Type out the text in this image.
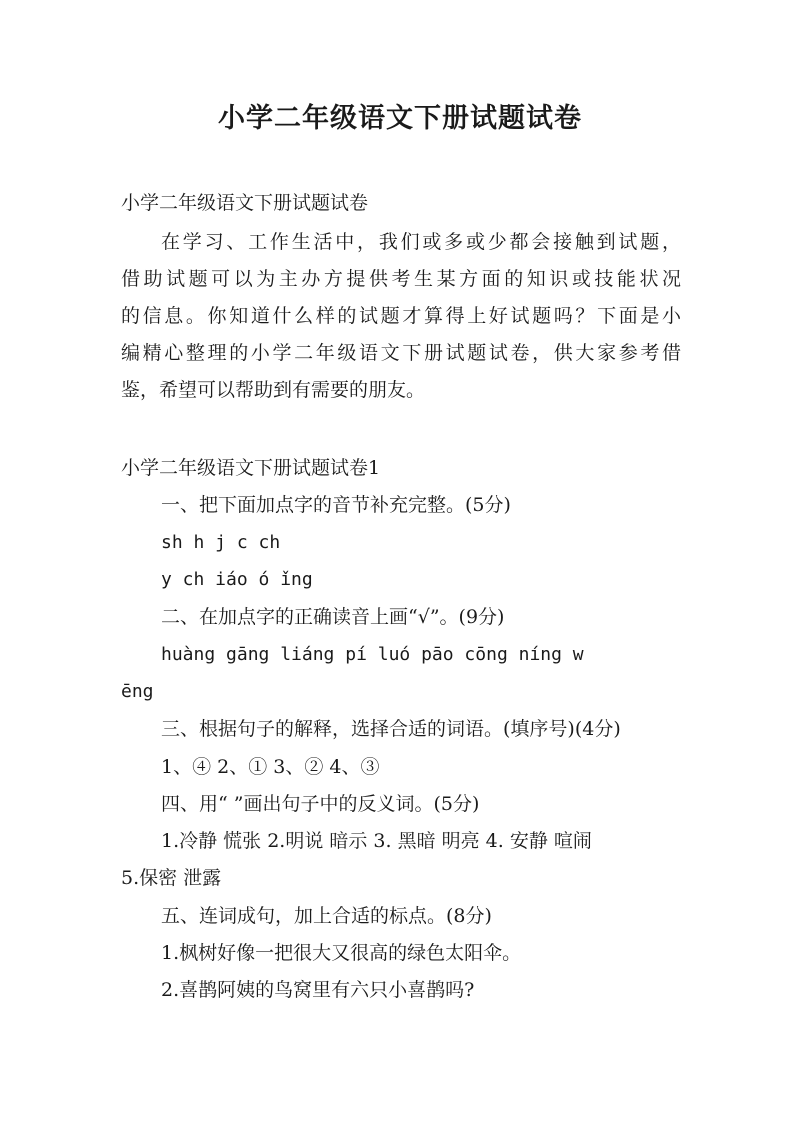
小学二年级语文下册试题试卷
小学二年级语文下册试题试卷
在学习、工作生活中，我们或多或少都会接触到试题，
借助试题可以为主办方提供考生某方面的知识或技能状况
的信息。你知道什么样的试题才算得上好试题吗？下面是小
编精心整理的小学二年级语文下册试题试卷，供大家参考借
鉴，希望可以帮助到有需要的朋友。
小学二年级语文下册试题试卷1
一、把下面加点字的音节补充完整。(5分)
sh h j c ch
y ch iáo ó ǐng
二、在加点字的正确读音上画“√”。(9分)
huàng gāng liáng pí luó pāo cōng níng w
ēng
三、根据句子的解释，选择合适的词语。(填序号)(4分)
1、④ 2、① 3、② 4、③
四、用“ ”画出句子中的反义词。(5分)
1.冷静 慌张 2.明说 暗示 3. 黑暗 明亮 4. 安静 喧闹
5.保密 泄露
五、连词成句，加上合适的标点。(8分)
1.枫树好像一把很大又很高的绿色太阳伞。
2.喜鹊阿姨的鸟窝里有六只小喜鹊吗?
